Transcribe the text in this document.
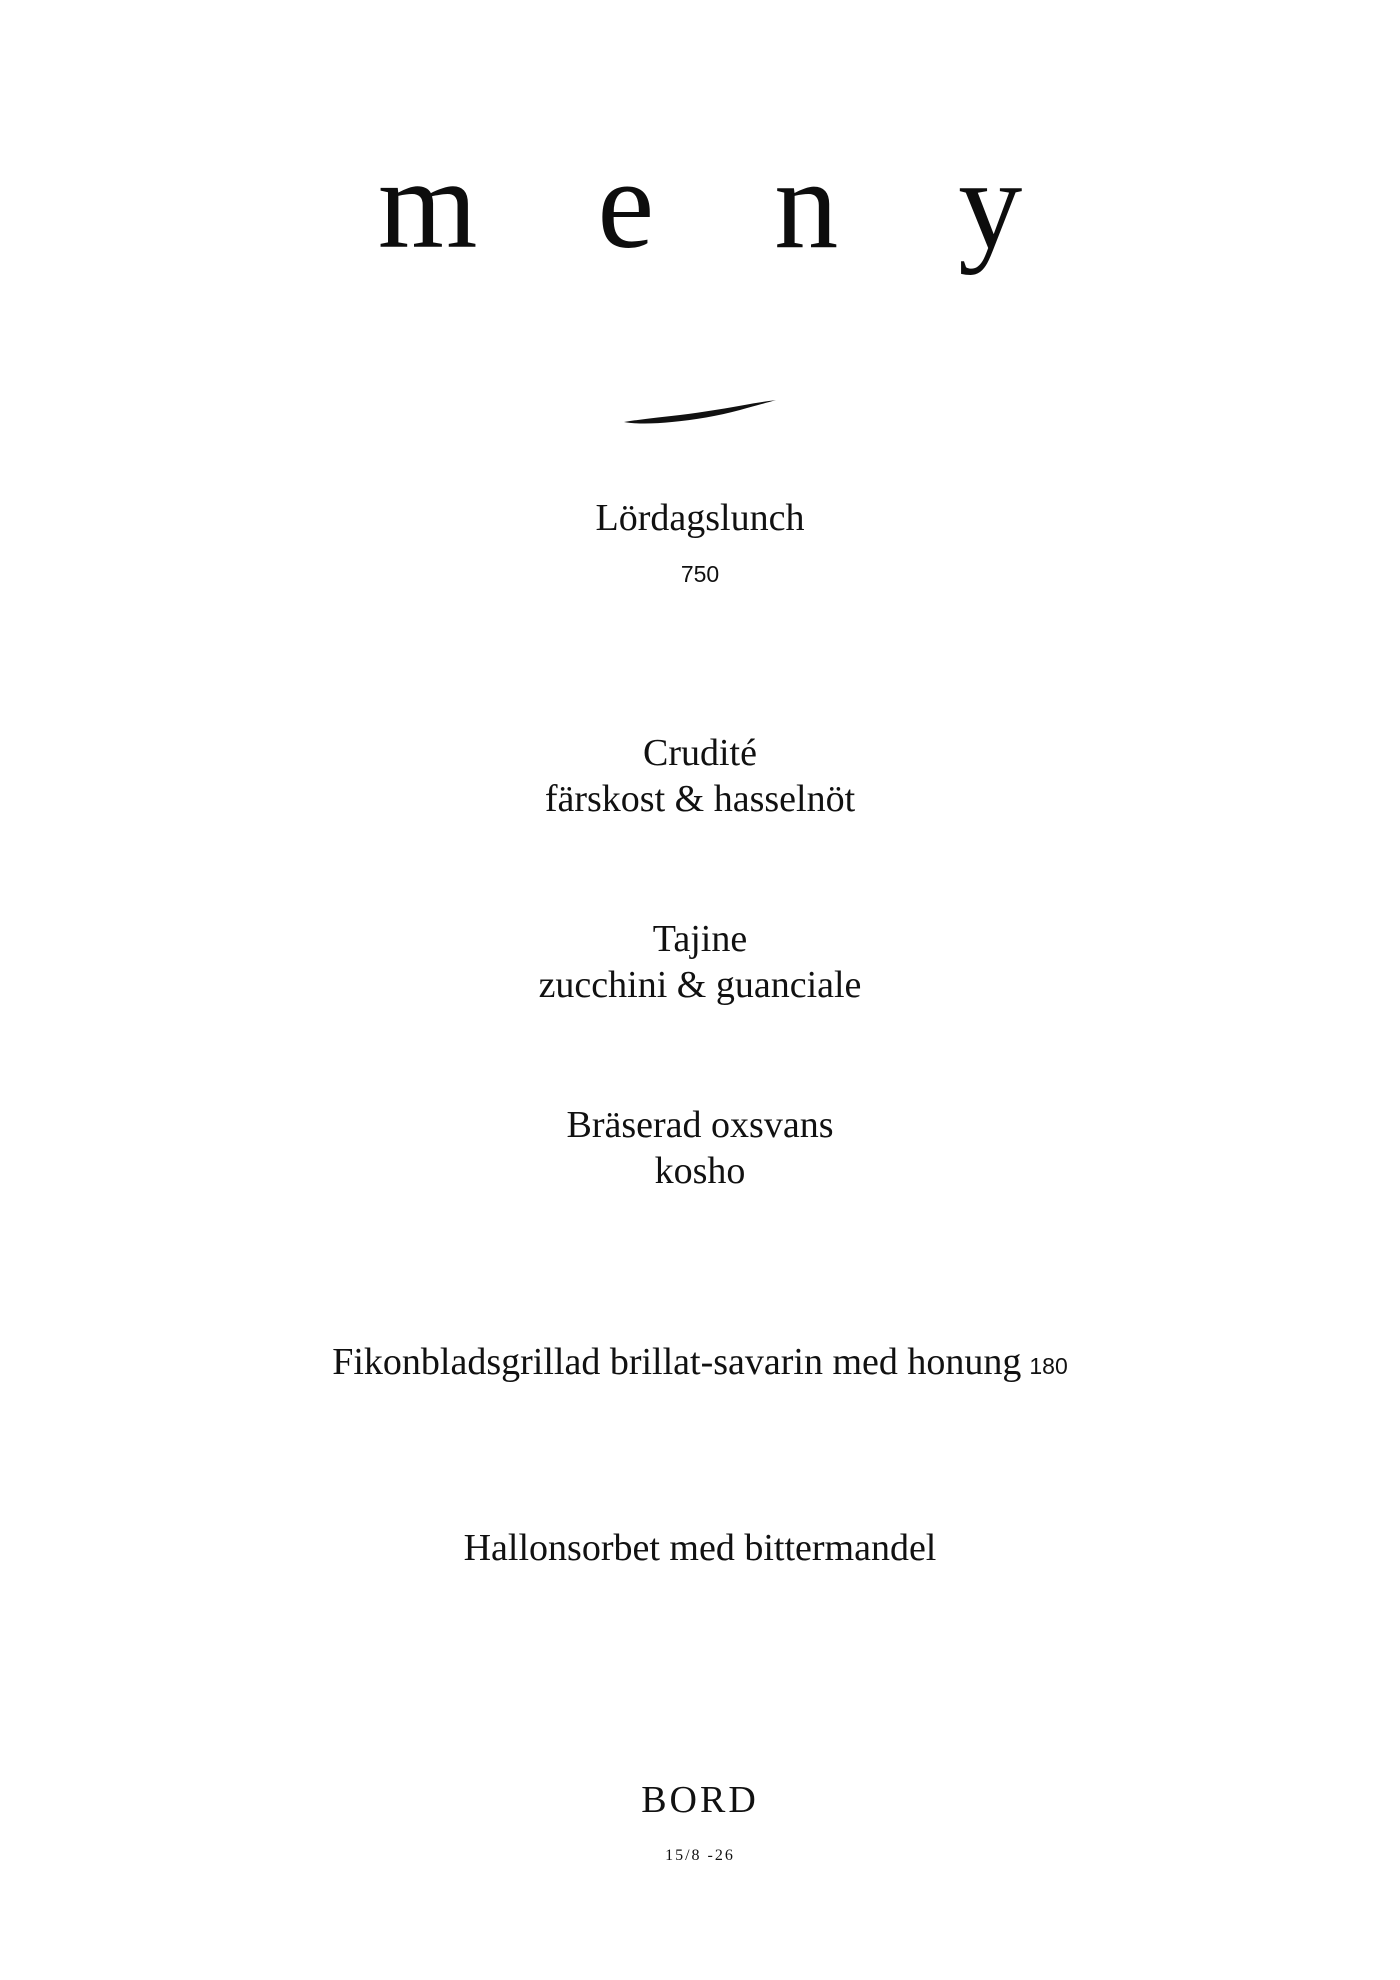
m e n y
Lördagslunch
750
Crudité
färskost & hasselnöt
Tajine
zucchini & guanciale
Bräserad oxsvans
kosho
Fikonbladsgrillad brillat-savarin med honung 180
Hallonsorbet med bittermandel
BORD
15/8 -26
